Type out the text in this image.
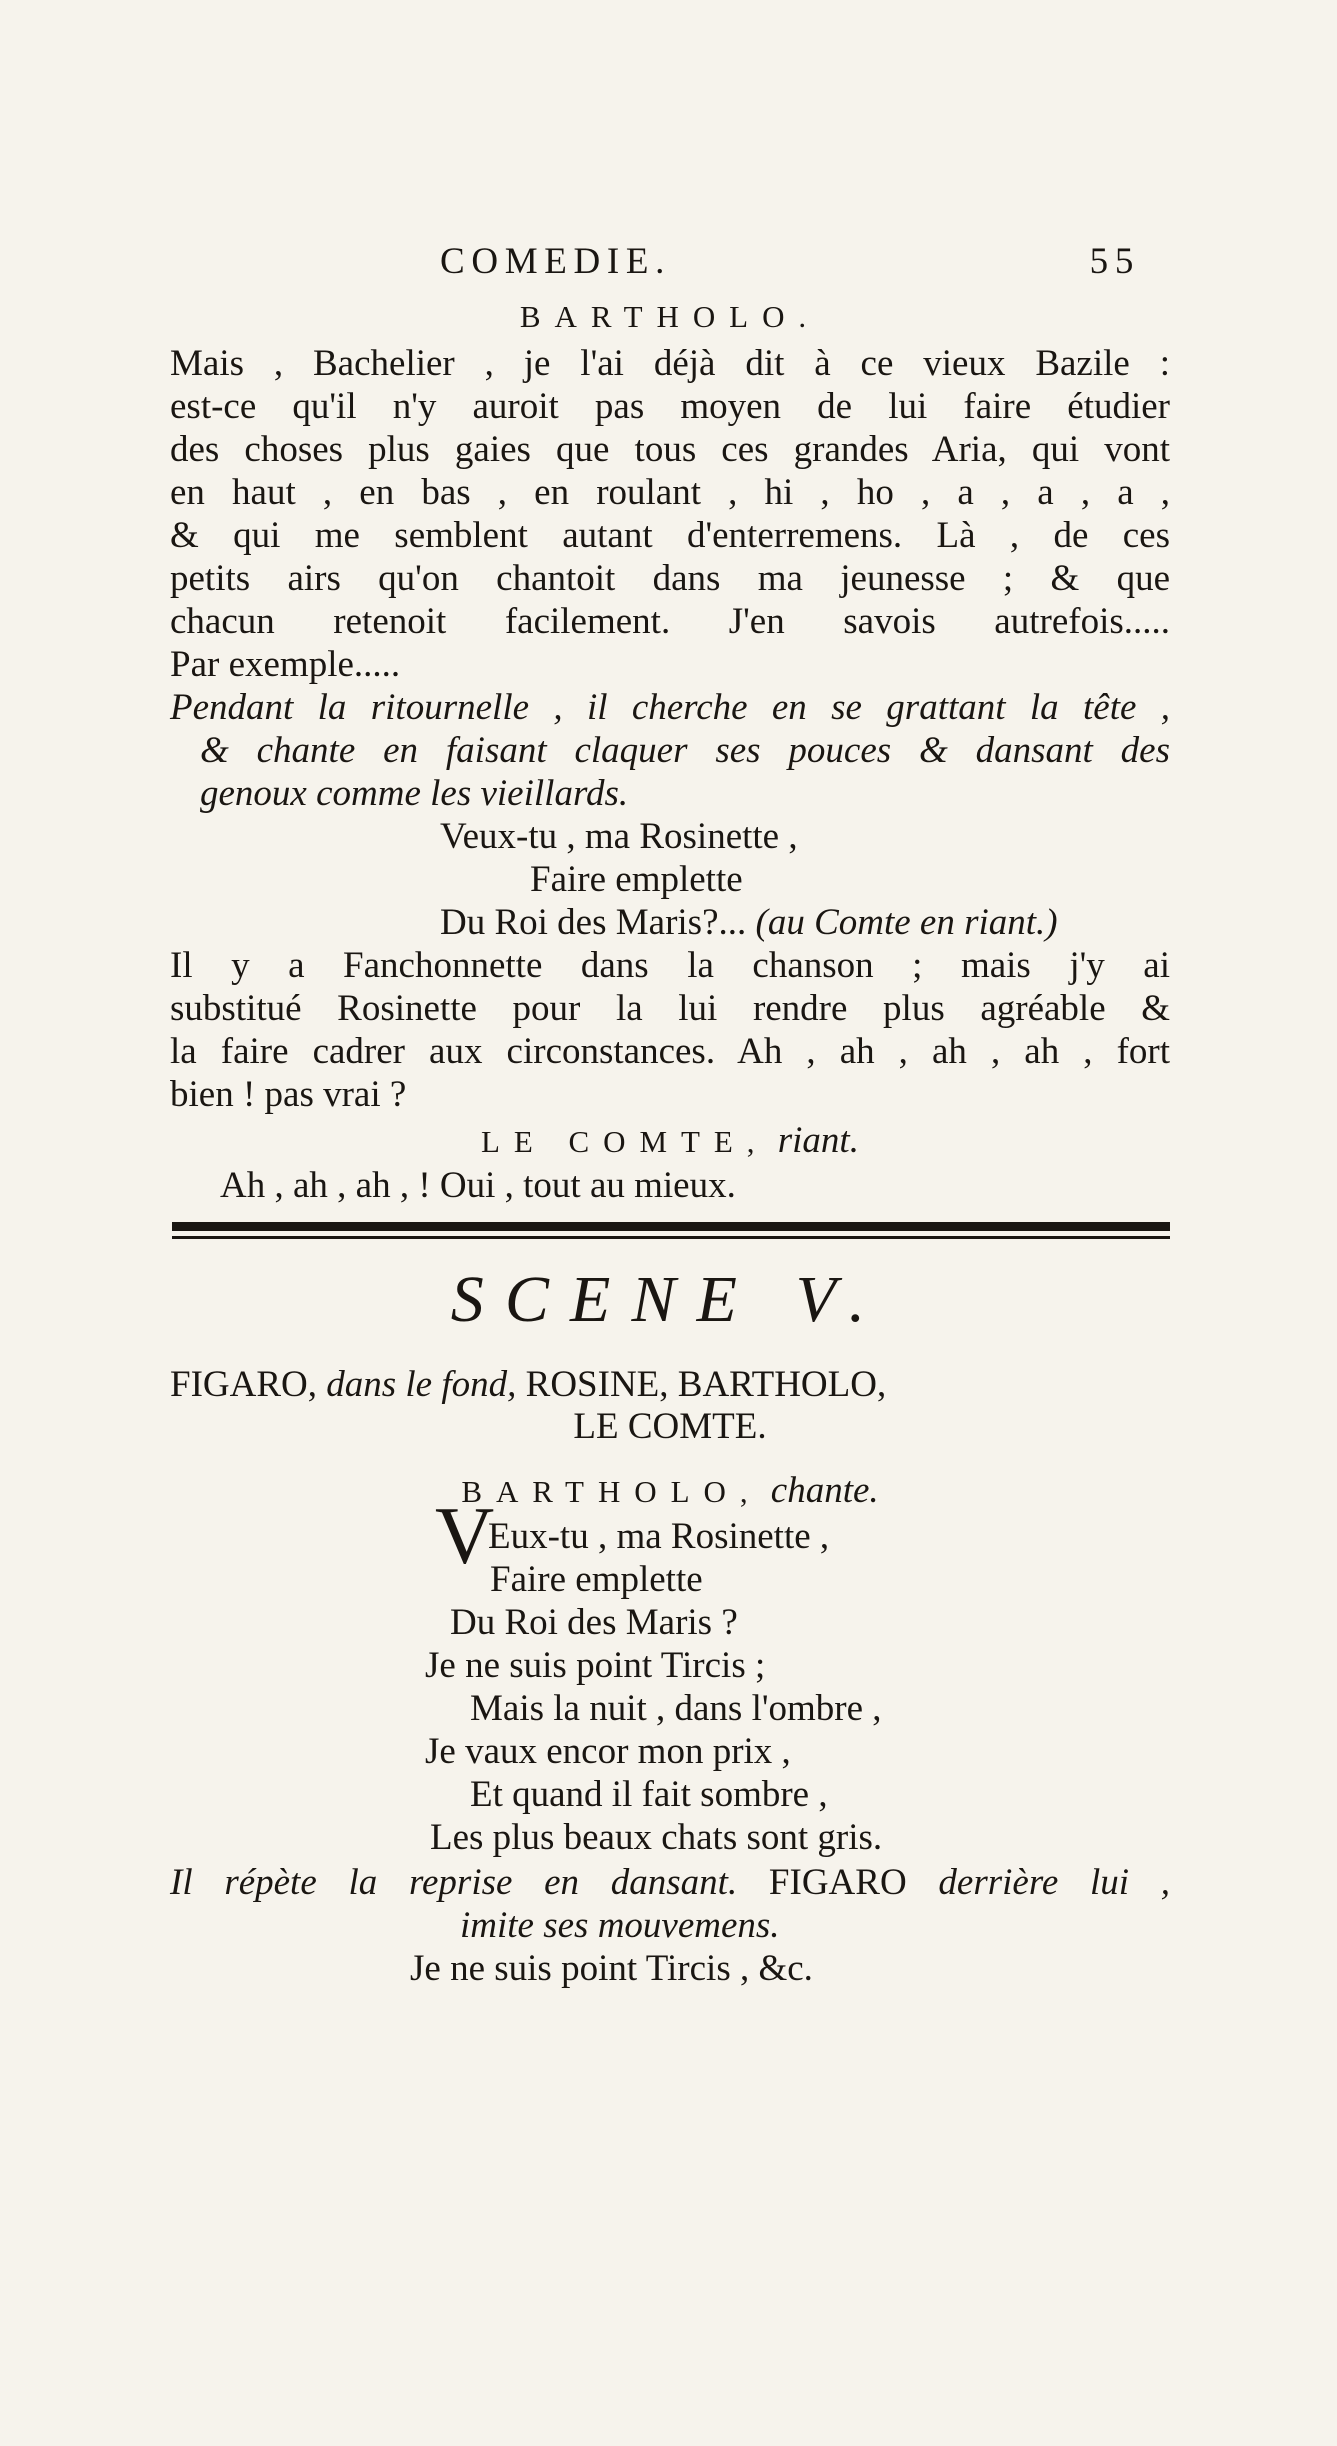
COMEDIE.	55
BARTHOLO.
Mais , Bachelier , je l'ai déjà dit à ce vieux Bazile :
est-ce qu'il n'y auroit pas moyen de lui faire étudier
des choses plus gaies que tous ces grandes Aria, qui vont
en haut , en bas , en roulant , hi , ho , a , a , a ,
& qui me semblent autant d'enterremens. Là , de ces
petits airs qu'on chantoit dans ma jeunesse ; & que
chacun retenoit facilement. J'en savois autrefois.....
Par exemple.....
Pendant la ritournelle , il cherche en se grattant la tête ,
& chante en faisant claquer ses pouces & dansant des
genoux comme les vieillards.
Veux-tu , ma Rosinette ,
Faire emplette
Du Roi des Maris?... (au Comte en riant.)
Il y a Fanchonnette dans la chanson ; mais j'y ai
substitué Rosinette pour la lui rendre plus agréable &
la faire cadrer aux circonstances. Ah , ah , ah , ah , fort
bien ! pas vrai ?
LE COMTE, riant.
Ah , ah , ah , ! Oui , tout au mieux.
SCENE V.
FIGARO, dans le fond, ROSINE, BARTHOLO,
LE COMTE.
BARTHOLO, chante.
V
Eux-tu , ma Rosinette ,
Faire emplette
Du Roi des Maris ?
Je ne suis point Tircis ;
Mais la nuit , dans l'ombre ,
Je vaux encor mon prix ,
Et quand il fait sombre ,
Les plus beaux chats sont gris.
Il répète la reprise en dansant. FIGARO derrière lui ,
imite ses mouvemens.
Je ne suis point Tircis , &c.
